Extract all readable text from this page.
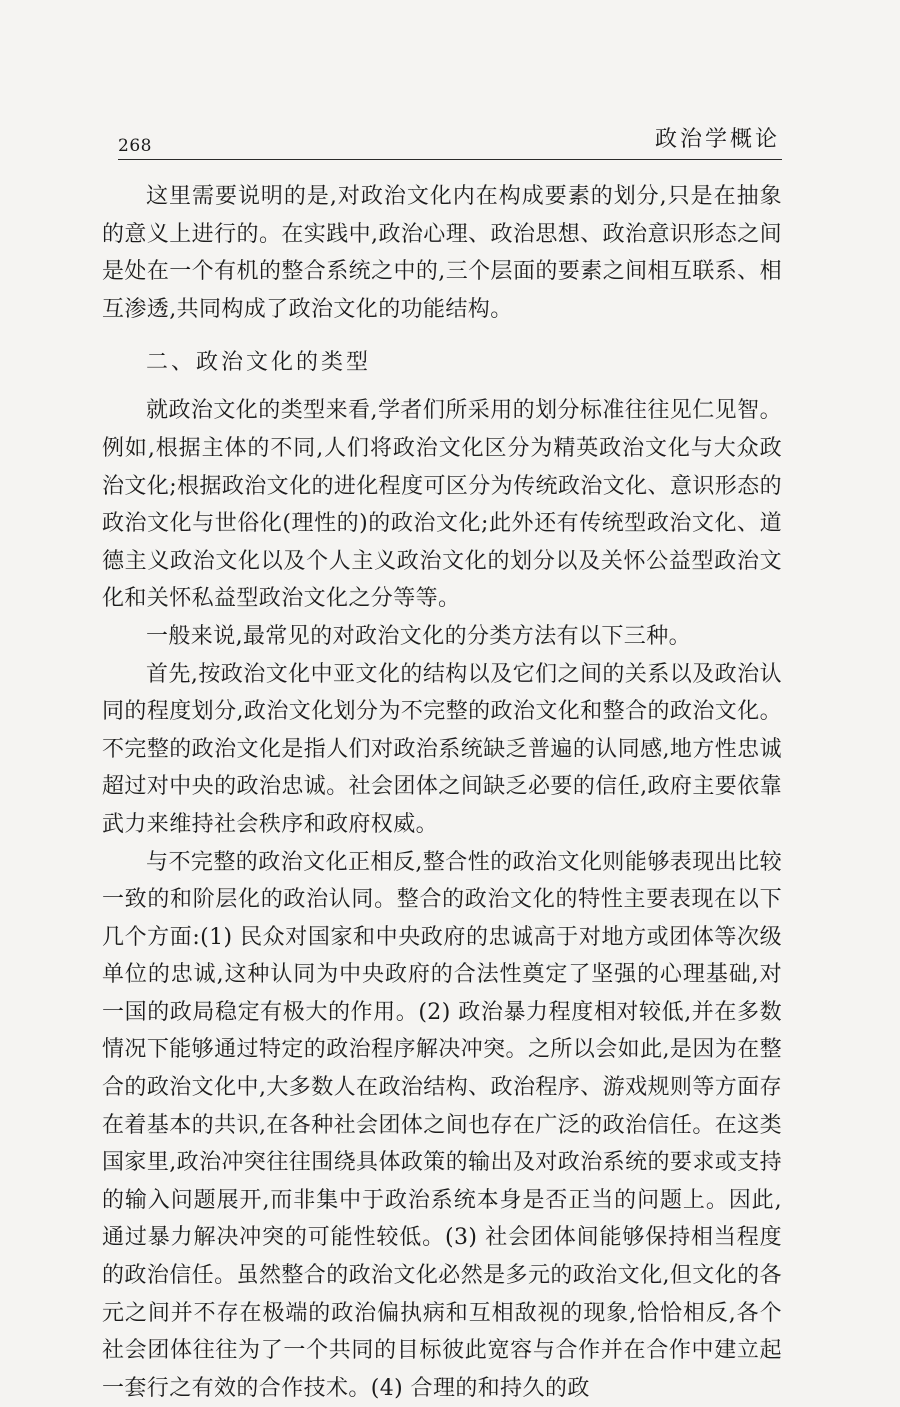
268	政治学概论

这里需要说明的是,对政治文化内在构成要素的划分,只是在抽象的意义上进行的。在实践中,政治心理、政治思想、政治意识形态之间是处在一个有机的整合系统之中的,三个层面的要素之间相互联系、相互渗透,共同构成了政治文化的功能结构。

二、政治文化的类型

就政治文化的类型来看,学者们所采用的划分标准往往见仁见智。例如,根据主体的不同,人们将政治文化区分为精英政治文化与大众政治文化;根据政治文化的进化程度可区分为传统政治文化、意识形态的政治文化与世俗化(理性的)的政治文化;此外还有传统型政治文化、道德主义政治文化以及个人主义政治文化的划分以及关怀公益型政治文化和关怀私益型政治文化之分等等。

一般来说,最常见的对政治文化的分类方法有以下三种。

首先,按政治文化中亚文化的结构以及它们之间的关系以及政治认同的程度划分,政治文化划分为不完整的政治文化和整合的政治文化。不完整的政治文化是指人们对政治系统缺乏普遍的认同感,地方性忠诚超过对中央的政治忠诚。社会团体之间缺乏必要的信任,政府主要依靠武力来维持社会秩序和政府权威。

与不完整的政治文化正相反,整合性的政治文化则能够表现出比较一致的和阶层化的政治认同。整合的政治文化的特性主要表现在以下几个方面:(1) 民众对国家和中央政府的忠诚高于对地方或团体等次级单位的忠诚,这种认同为中央政府的合法性奠定了坚强的心理基础,对一国的政局稳定有极大的作用。(2) 政治暴力程度相对较低,并在多数情况下能够通过特定的政治程序解决冲突。之所以会如此,是因为在整合的政治文化中,大多数人在政治结构、政治程序、游戏规则等方面存在着基本的共识,在各种社会团体之间也存在广泛的政治信任。在这类国家里,政治冲突往往围绕具体政策的输出及对政治系统的要求或支持的输入问题展开,而非集中于政治系统本身是否正当的问题上。因此,通过暴力解决冲突的可能性较低。(3) 社会团体间能够保持相当程度的政治信任。虽然整合的政治文化必然是多元的政治文化,但文化的各元之间并不存在极端的政治偏执病和互相敌视的现象,恰恰相反,各个社会团体往往为了一个共同的目标彼此宽容与合作并在合作中建立起一套行之有效的合作技术。(4) 合理的和持久的政
